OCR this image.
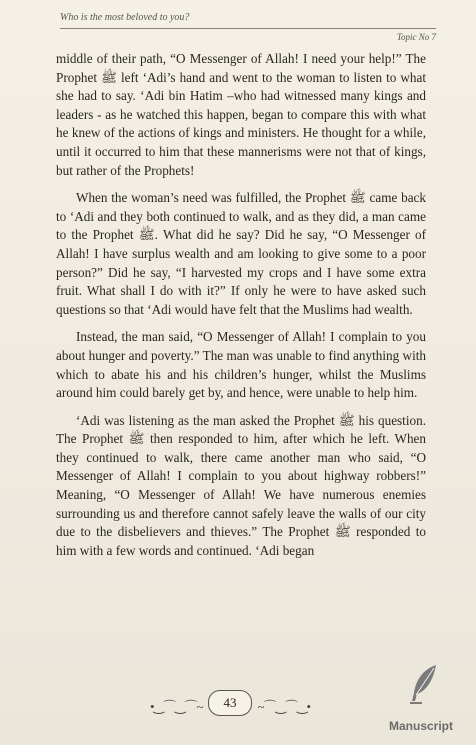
Who is the most beloved to you?
Topic No 7

middle of their path, “O Messenger of Allah! I need your help!” The Prophet ﷺ left ‘Adi’s hand and went to the woman to listen to what she had to say. ‘Adi bin Hatim –who had witnessed many kings and leaders - as he watched this happen, began to compare this with what he knew of the actions of kings and ministers. He thought for a while, until it occurred to him that these mannerisms were not that of kings, but rather of the Prophets!

When the woman’s need was fulfilled, the Prophet ﷺ came back to ‘Adi and they both continued to walk, and as they did, a man came to the Prophet ﷺ. What did he say? Did he say, “O Messenger of Allah! I have surplus wealth and am looking to give some to a poor person?” Did he say, “I harvested my crops and I have some extra fruit. What shall I do with it?” If only he were to have asked such questions so that ‘Adi would have felt that the Muslims had wealth.

Instead, the man said, “O Messenger of Allah! I complain to you about hunger and poverty.” The man was unable to find anything with which to abate his and his children’s hunger, whilst the Muslims around him could barely get by, and hence, were unable to help him.

‘Adi was listening as the man asked the Prophet ﷺ his question. The Prophet ﷺ then responded to him, after which he left. When they continued to walk, there came another man who said, “O Messenger of Allah! I complain to you about highway robbers!” Meaning, “O Messenger of Allah! We have numerous enemies surrounding us and therefore cannot safely leave the walls of our city due to the disbelievers and thieves.” The Prophet ﷺ responded to him with a few words and continued. ‘Adi began

•‿⌒‿⌒~	43	~⌒‿⌒‿•
Manuscript
